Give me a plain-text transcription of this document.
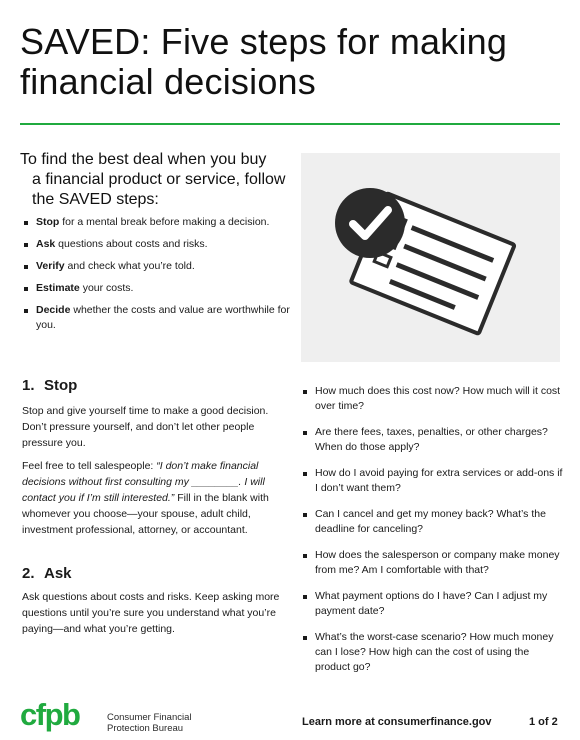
SAVED: Five steps for making financial decisions

To find the best deal when you buy
a financial product or service, follow
the SAVED steps:

Stop for a mental break before making a decision.
Ask questions about costs and risks.
Verify and check what you’re told.
Estimate your costs.
Decide whether the costs and value are worthwhile for you.
1. Stop

Stop and give yourself time to make a good decision. Don’t pressure yourself, and don’t let other people pressure you.

Feel free to tell salespeople: “I don’t make financial decisions without first consulting my ________. I will contact you if I’m still interested.” Fill in the blank with whomever you choose—your spouse, adult child, investment professional, attorney, or accountant.

2. Ask

Ask questions about costs and risks. Keep asking more questions until you’re sure you understand what you’re paying—and what you’re getting.

How much does this cost now? How much will it cost over time?
Are there fees, taxes, penalties, or other charges? When do those apply?
How do I avoid paying for extra services or add-ons if I don’t want them?
Can I cancel and get my money back? What’s the deadline for canceling?
How does the salesperson or company make money from me? Am I comfortable with that?
What payment options do I have? Can I adjust my payment date?
What’s the worst-case scenario? How much money can I lose? How high can the cost of using the product go?
cfpb	Consumer Financial
Protection Bureau
Learn more at consumerfinance.gov	1 of 2
